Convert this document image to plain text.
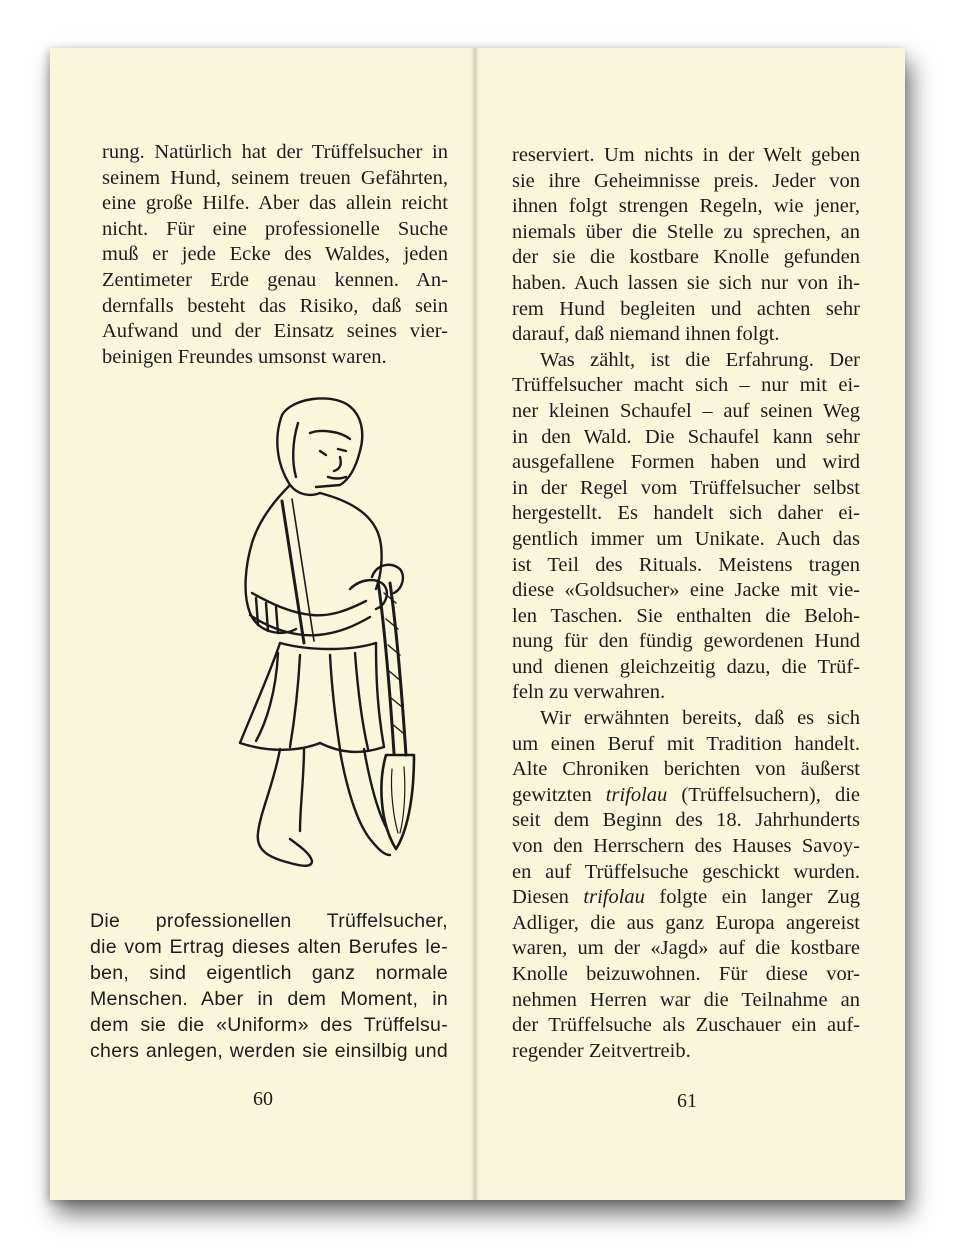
rung. Natürlich hat der Trüffelsucher in
seinem Hund, seinem treuen Gefährten,
eine große Hilfe. Aber das allein reicht
nicht. Für eine professionelle Suche
muß er jede Ecke des Waldes, jeden
Zentimeter Erde genau kennen. An-
dernfalls besteht das Risiko, daß sein
Aufwand und der Einsatz seines vier-
beinigen Freundes umsonst waren.
Die professionellen Trüffelsucher,
die vom Ertrag dieses alten Berufes le-
ben, sind eigentlich ganz normale
Menschen. Aber in dem Moment, in
dem sie die «Uniform» des Trüffelsu-
chers anlegen, werden sie einsilbig und
60
reserviert. Um nichts in der Welt geben
sie ihre Geheimnisse preis. Jeder von
ihnen folgt strengen Regeln, wie jener,
niemals über die Stelle zu sprechen, an
der sie die kostbare Knolle gefunden
haben. Auch lassen sie sich nur von ih-
rem Hund begleiten und achten sehr
darauf, daß niemand ihnen folgt.
Was zählt, ist die Erfahrung. Der
Trüffelsucher macht sich – nur mit ei-
ner kleinen Schaufel – auf seinen Weg
in den Wald. Die Schaufel kann sehr
ausgefallene Formen haben und wird
in der Regel vom Trüffelsucher selbst
hergestellt. Es handelt sich daher ei-
gentlich immer um Unikate. Auch das
ist Teil des Rituals. Meistens tragen
diese «Goldsucher» eine Jacke mit vie-
len Taschen. Sie enthalten die Beloh-
nung für den fündig gewordenen Hund
und dienen gleichzeitig dazu, die Trüf-
feln zu verwahren.
Wir erwähnten bereits, daß es sich
um einen Beruf mit Tradition handelt.
Alte Chroniken berichten von äußerst
gewitzten trifolau (Trüffelsuchern), die
seit dem Beginn des 18. Jahrhunderts
von den Herrschern des Hauses Savoy-
en auf Trüffelsuche geschickt wurden.
Diesen trifolau folgte ein langer Zug
Adliger, die aus ganz Europa angereist
waren, um der «Jagd» auf die kostbare
Knolle beizuwohnen. Für diese vor-
nehmen Herren war die Teilnahme an
der Trüffelsuche als Zuschauer ein auf-
regender Zeitvertreib.
61
